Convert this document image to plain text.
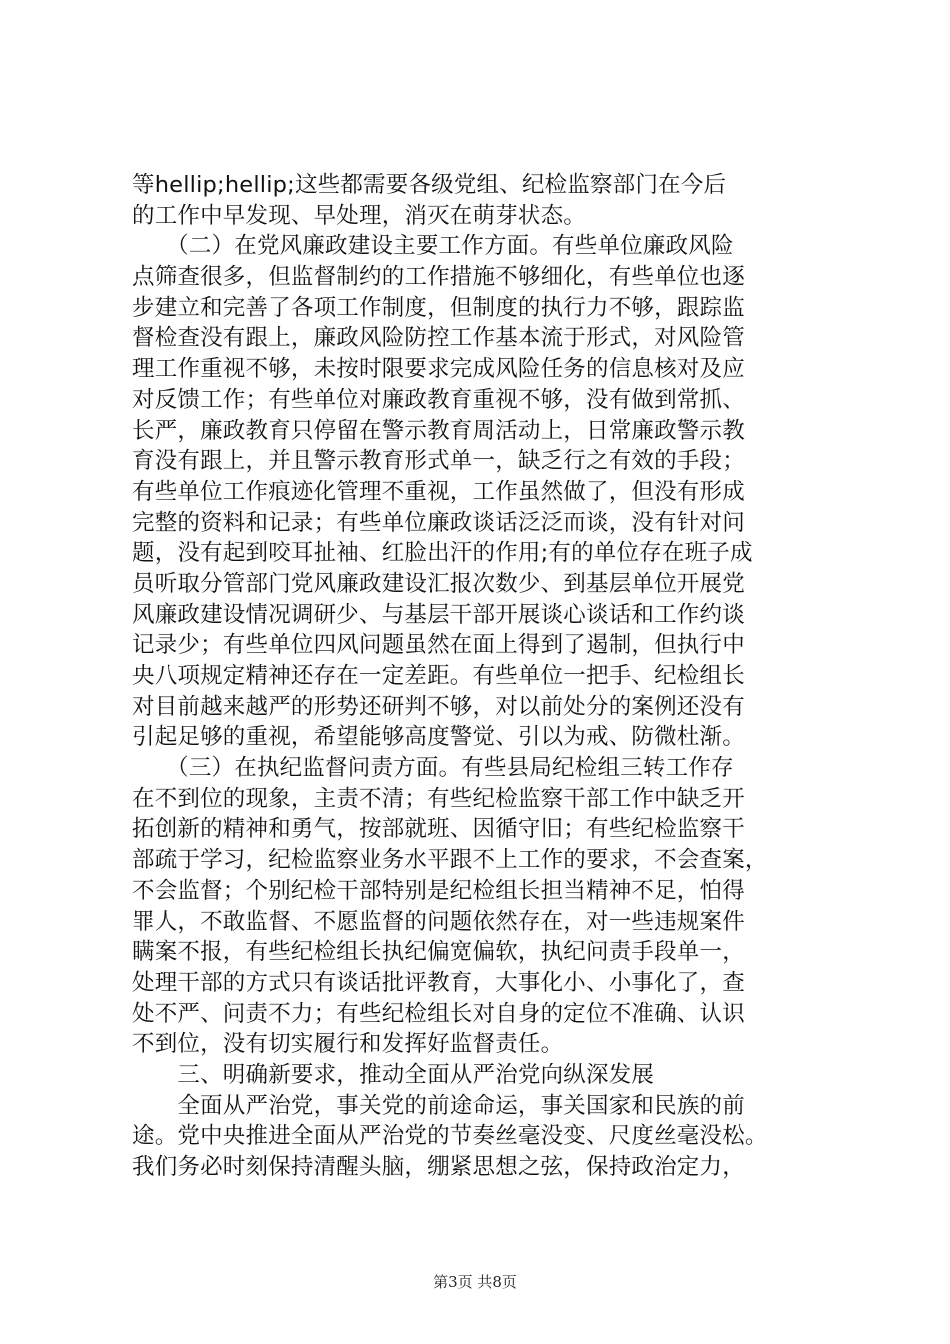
等hellip;hellip;这些都需要各级党组、纪检监察部门在今后
的工作中早发现、早处理，消灭在萌芽状态。
　　（二）在党风廉政建设主要工作方面。有些单位廉政风险
点筛查很多，但监督制约的工作措施不够细化，有些单位也逐
步建立和完善了各项工作制度，但制度的执行力不够，跟踪监
督检查没有跟上，廉政风险防控工作基本流于形式，对风险管
理工作重视不够，未按时限要求完成风险任务的信息核对及应
对反馈工作；有些单位对廉政教育重视不够，没有做到常抓、
长严，廉政教育只停留在警示教育周活动上，日常廉政警示教
育没有跟上，并且警示教育形式单一，缺乏行之有效的手段；
有些单位工作痕迹化管理不重视，工作虽然做了，但没有形成
完整的资料和记录；有些单位廉政谈话泛泛而谈，没有针对问
题，没有起到咬耳扯袖、红脸出汗的作用;有的单位存在班子成
员听取分管部门党风廉政建设汇报次数少、到基层单位开展党
风廉政建设情况调研少、与基层干部开展谈心谈话和工作约谈
记录少；有些单位四风问题虽然在面上得到了遏制，但执行中
央八项规定精神还存在一定差距。有些单位一把手、纪检组长
对目前越来越严的形势还研判不够，对以前处分的案例还没有
引起足够的重视，希望能够高度警觉、引以为戒、防微杜渐。
　　（三）在执纪监督问责方面。有些县局纪检组三转工作存
在不到位的现象，主责不清；有些纪检监察干部工作中缺乏开
拓创新的精神和勇气，按部就班、因循守旧；有些纪检监察干
部疏于学习，纪检监察业务水平跟不上工作的要求，不会查案，
不会监督；个别纪检干部特别是纪检组长担当精神不足，怕得
罪人，不敢监督、不愿监督的问题依然存在，对一些违规案件
瞒案不报，有些纪检组长执纪偏宽偏软，执纪问责手段单一，
处理干部的方式只有谈话批评教育，大事化小、小事化了，查
处不严、问责不力；有些纪检组长对自身的定位不准确、认识
不到位，没有切实履行和发挥好监督责任。
　　三、明确新要求，推动全面从严治党向纵深发展
　　全面从严治党，事关党的前途命运，事关国家和民族的前
途。党中央推进全面从严治党的节奏丝毫没变、尺度丝毫没松。
我们务必时刻保持清醒头脑，绷紧思想之弦，保持政治定力，
第3页 共8页
